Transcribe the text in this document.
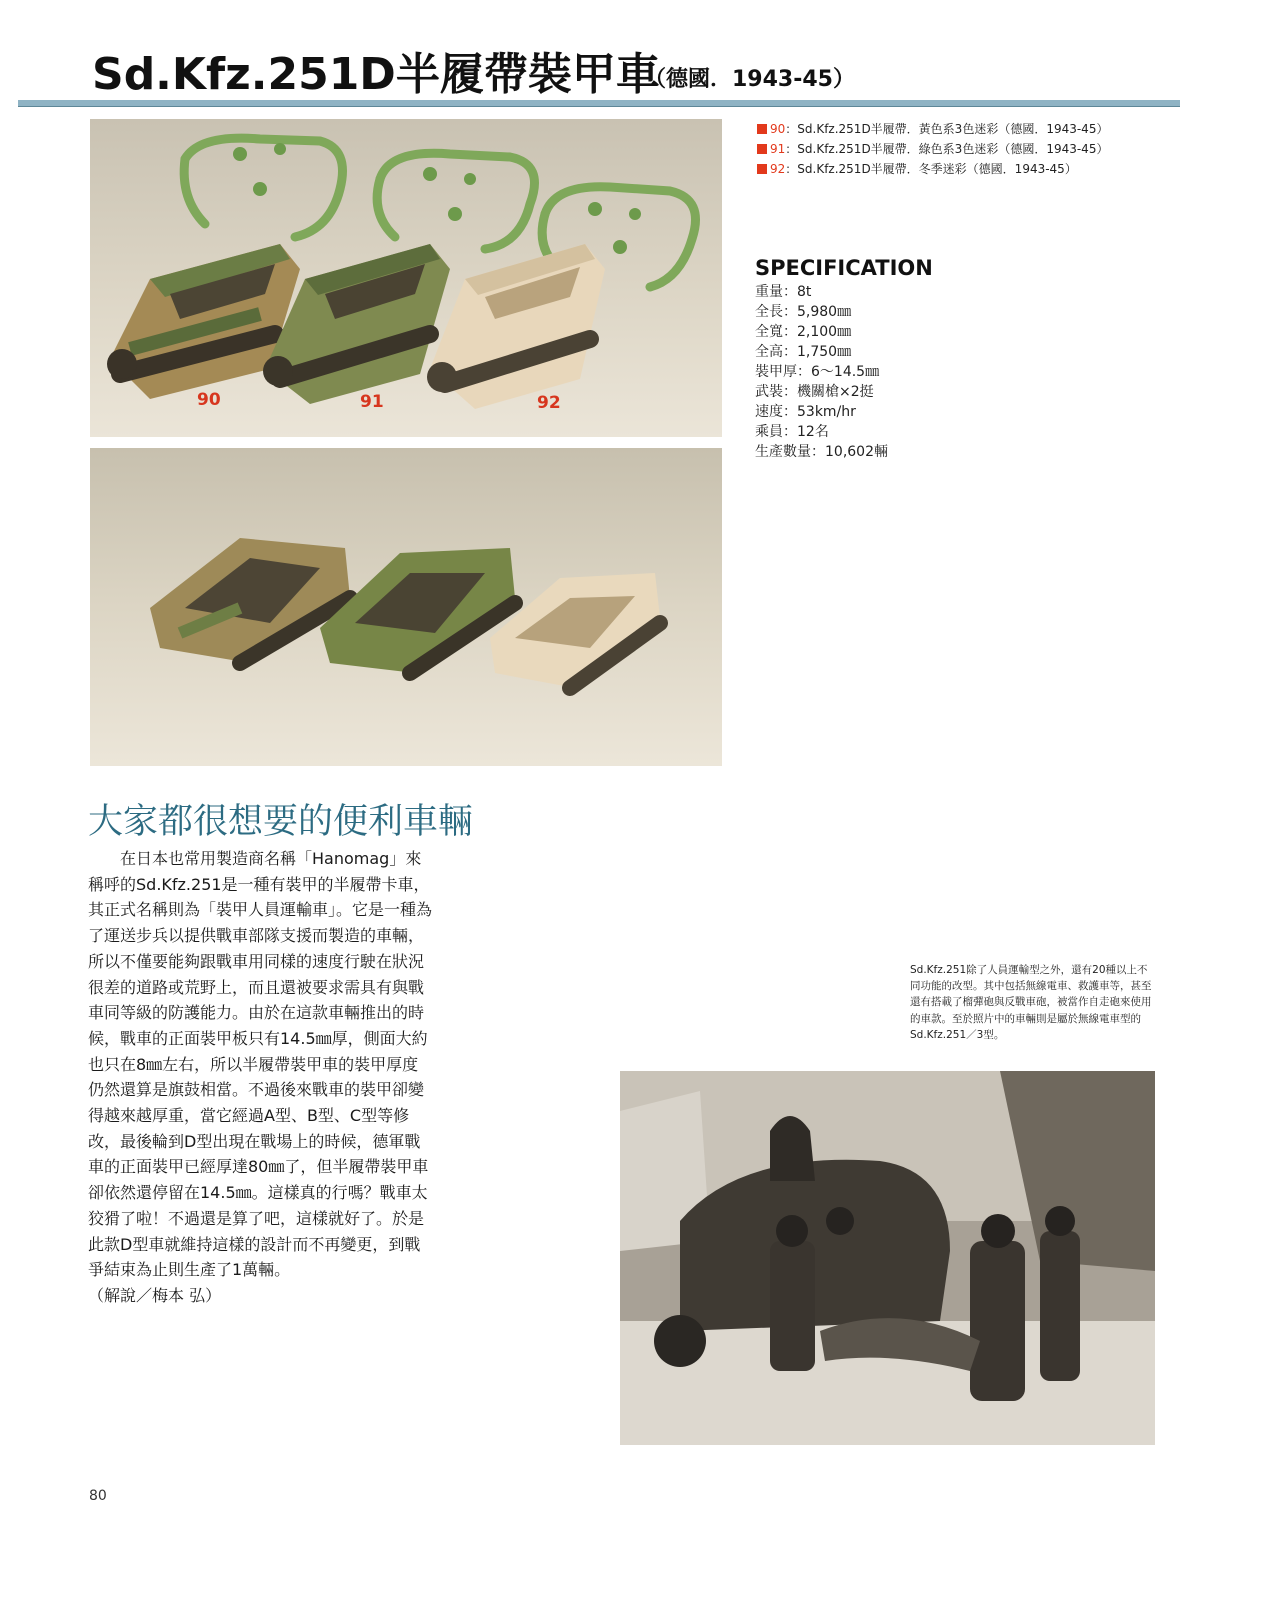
Sd.Kfz.251D半履帶裝甲車
（德國．1943-45）
90	91	92
90：Sd.Kfz.251D半履帶．黃色系3色迷彩（德國．1943-45）
91：Sd.Kfz.251D半履帶．綠色系3色迷彩（德國．1943-45）
92：Sd.Kfz.251D半履帶．冬季迷彩（德國．1943-45）
SPECIFICATION
重量：8t
全長：5,980㎜
全寬：2,100㎜
全高：1,750㎜
裝甲厚：6～14.5㎜
武裝：機關槍×2挺
速度：53km/hr
乘員：12名
生產數量：10,602輛
大家都很想要的便利車輛

在日本也常用製造商名稱「Hanomag」來稱呼的Sd.Kfz.251是一種有裝甲的半履帶卡車，其正式名稱則為「裝甲人員運輸車」。它是一種為了運送步兵以提供戰車部隊支援而製造的車輛，所以不僅要能夠跟戰車用同樣的速度行駛在狀況很差的道路或荒野上，而且還被要求需具有與戰車同等級的防護能力。由於在這款車輛推出的時候，戰車的正面裝甲板只有14.5㎜厚，側面大約也只在8㎜左右，所以半履帶裝甲車的裝甲厚度仍然還算是旗鼓相當。不過後來戰車的裝甲卻變得越來越厚重，當它經過A型、B型、C型等修改，最後輪到D型出現在戰場上的時候，德軍戰車的正面裝甲已經厚達80㎜了，但半履帶裝甲車卻依然還停留在14.5㎜。這樣真的行嗎？戰車太狡猾了啦！不過還是算了吧，這樣就好了。於是此款D型車就維持這樣的設計而不再變更，到戰爭結束為止則生產了1萬輛。

（解說／梅本 弘）

Sd.Kfz.251除了人員運輸型之外，還有20種以上不同功能的改型。其中包括無線電車、救護車等，甚至還有搭載了榴彈砲與反戰車砲，被當作自走砲來使用的車款。至於照片中的車輛則是屬於無線電車型的Sd.Kfz.251／3型。
80
